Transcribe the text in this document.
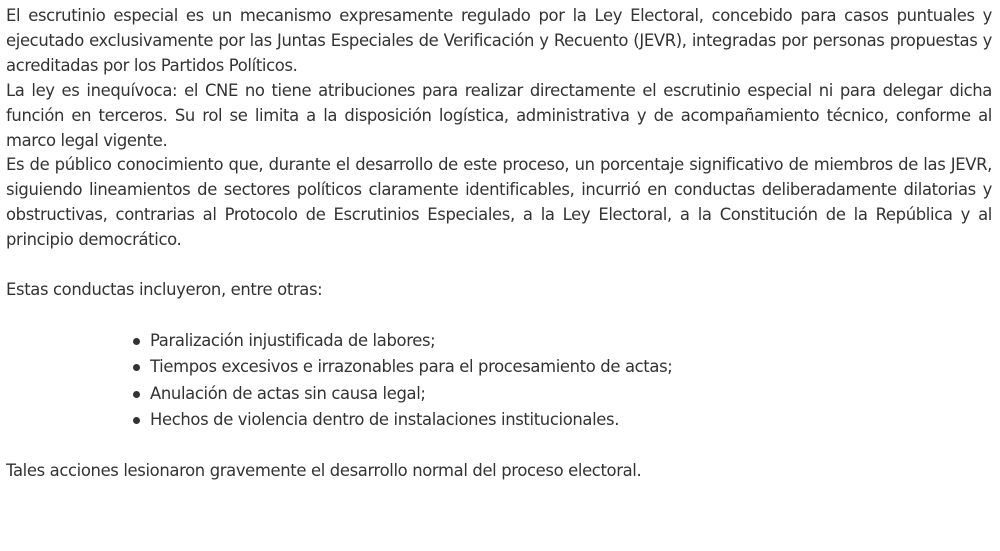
El escrutinio especial es un mecanismo expresamente regulado por la Ley Electoral, concebido para casos puntuales y ejecutado exclusivamente por las Juntas Especiales de Verificación y Recuento (JEVR), integradas por personas propuestas y acreditadas por los Partidos Políticos.

La ley es inequívoca: el CNE no tiene atribuciones para realizar directamente el escrutinio especial ni para delegar dicha función en terceros. Su rol se limita a la disposición logística, administrativa y de acompañamiento técnico, conforme al marco legal vigente.

Es de público conocimiento que, durante el desarrollo de este proceso, un porcentaje significativo de miembros de las JEVR, siguiendo lineamientos de sectores políticos claramente identificables, incurrió en conductas deliberadamente dilatorias y obstructivas, contrarias al Protocolo de Escrutinios Especiales, a la Ley Electoral, a la Constitución de la República y al principio democrático.

Estas conductas incluyeron, entre otras:

Paralización injustificada de labores;
Tiempos excesivos e irrazonables para el procesamiento de actas;
Anulación de actas sin causa legal;
Hechos de violencia dentro de instalaciones institucionales.

Tales acciones lesionaron gravemente el desarrollo normal del proceso electoral.
